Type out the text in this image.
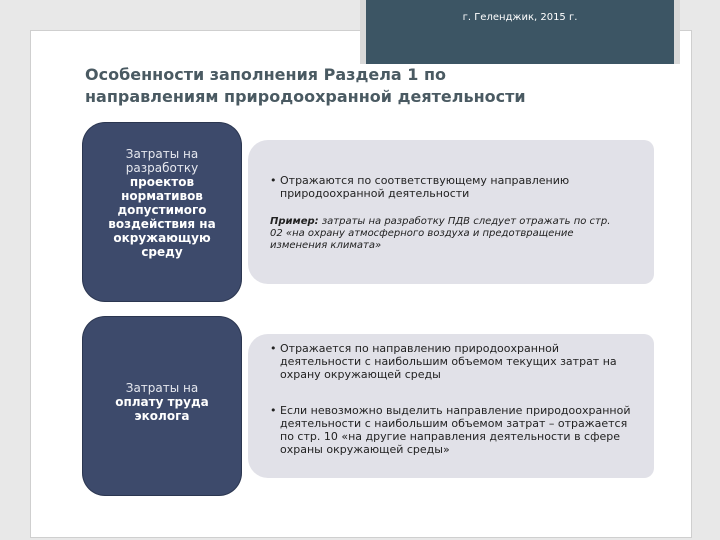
г. Геленджик, 2015 г.
Особенности заполнения Раздела 1 по
направлениям природоохранной деятельности
• Отражаются по соответствующему направлению природоохранной деятельности
Пример: затраты на разработку ПДВ следует отражать по стр. 02 «на охрану атмосферного воздуха и предотвращение изменения климата»
Затраты на
разработку
проектов
нормативов
допустимого
воздействия на
окружающую
среду
• Отражается по направлению природоохранной деятельности с наибольшим объемом текущих затрат на охрану окружающей среды
• Если невозможно выделить направление природоохранной деятельности с наибольшим объемом затрат – отражается по стр. 10 «на другие направления деятельности в сфере охраны окружающей среды»
Затраты на
оплату труда
эколога
